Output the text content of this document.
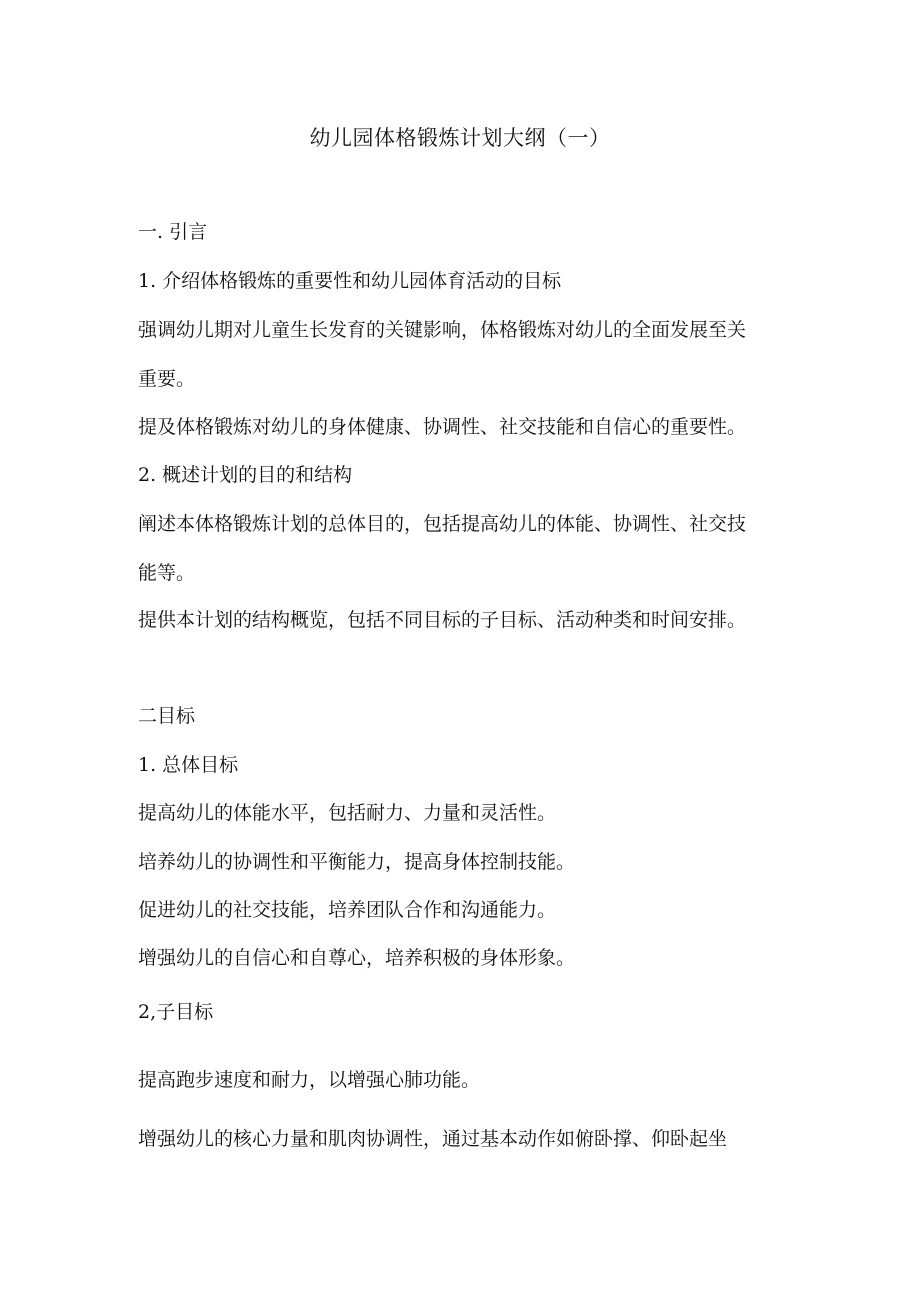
幼儿园体格锻炼计划大纲（一）
一. 引言
1. 介绍体格锻炼的重要性和幼儿园体育活动的目标
强调幼儿期对儿童生长发育的关键影响，体格锻炼对幼儿的全面发展至关
重要。
提及体格锻炼对幼儿的身体健康、协调性、社交技能和自信心的重要性。
2. 概述计划的目的和结构
阐述本体格锻炼计划的总体目的，包括提高幼儿的体能、协调性、社交技
能等。
提供本计划的结构概览，包括不同目标的子目标、活动种类和时间安排。
二目标
1. 总体目标
提高幼儿的体能水平，包括耐力、力量和灵活性。
培养幼儿的协调性和平衡能力，提高身体控制技能。
促进幼儿的社交技能，培养团队合作和沟通能力。
增强幼儿的自信心和自尊心，培养积极的身体形象。
2,子目标
提高跑步速度和耐力，以增强心肺功能。
增强幼儿的核心力量和肌肉协调性，通过基本动作如俯卧撑、仰卧起坐
